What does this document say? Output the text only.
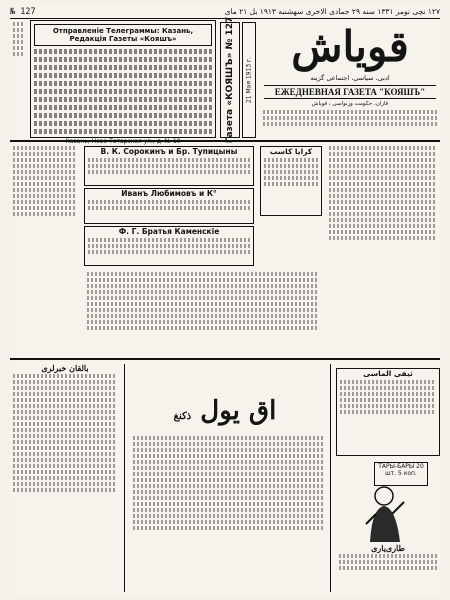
№ 127	۱۲۷ نچی نومر ۱۳۳۱ سنه ۲۹ جمادی الاخری سهشنبه ۱۹۱۳ یل ۲۱ مای
Отправленiе Телеграммы: Казань, Редакцiя Газеты «Кояшъ»
Казань, Ново-Татарская ул., д. № 10	Газета «КОЯШЪ» № 127 21 Мая 1913 г.
قویاش
ادبی، سیاسی، اجتماعی گزیته
ЕЖЕДНЕВНАЯ ГАЗЕТА "КОЯШЪ"
قازان، حکومت ورنواسی ، قویاش
В. К. Сорокинъ и Бр. Тупицыны
Иванъ Любимовъ и К°
Ф. Г. Братья Каменскiе
كرايا‌ كاسب
بالقان خبرلری
اق یول ذ‌‌کنغ
ثیفی‌ الماسی
ТАРЫ-БАРЫ 20 шт. 5 коп.
طاری‌یاری
